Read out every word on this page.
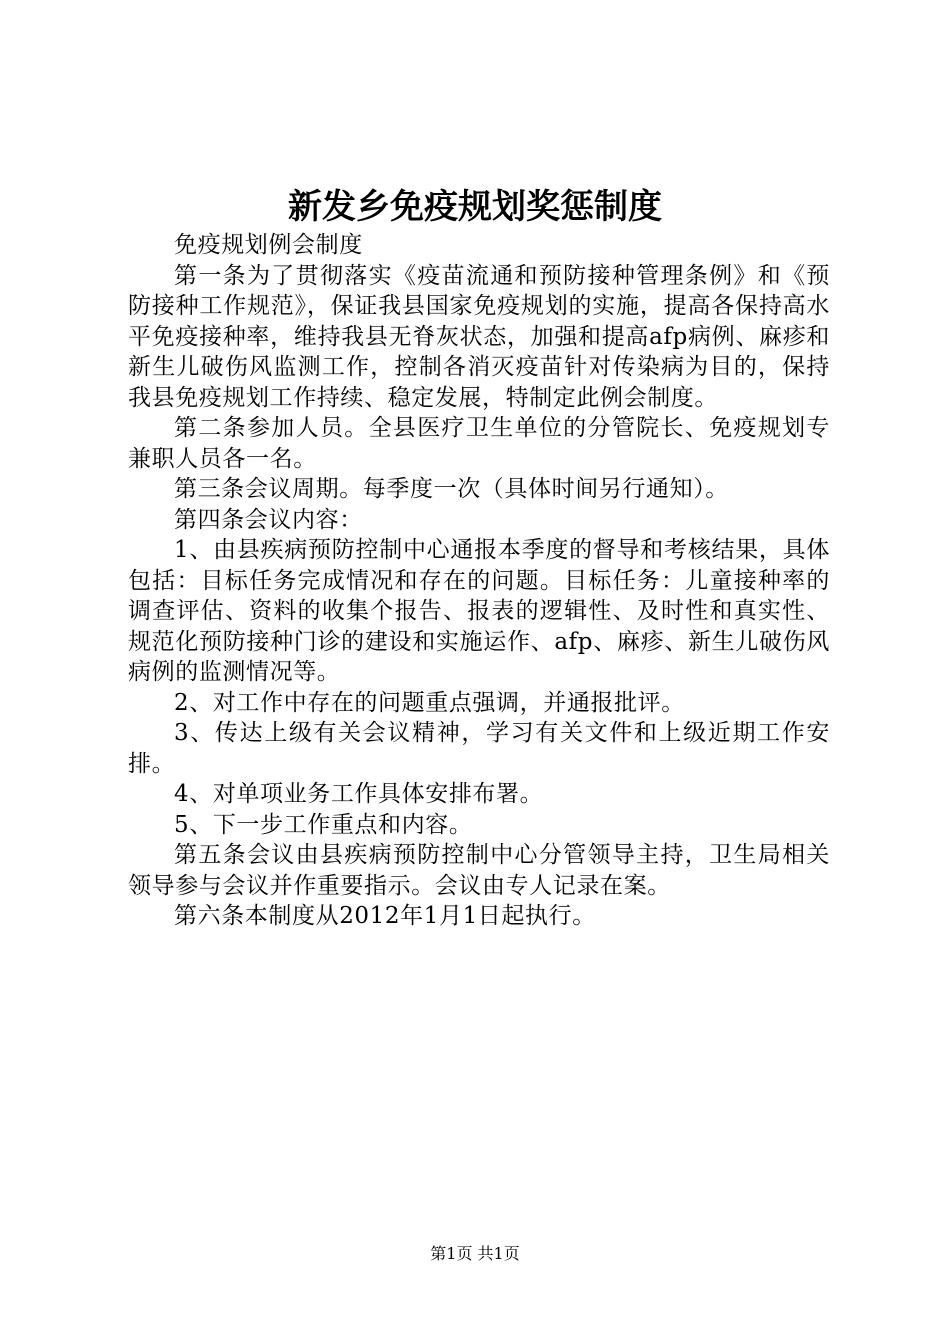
新发乡免疫规划奖惩制度

免疫规划例会制度

第一条为了贯彻落实《疫苗流通和预防接种管理条例》和《预防接种工作规范》，保证我县国家免疫规划的实施，提高各保持高水平免疫接种率，维持我县无脊灰状态，加强和提高afp病例、麻疹和新生儿破伤风监测工作，控制各消灭疫苗针对传染病为目的，保持我县免疫规划工作持续、稳定发展，特制定此例会制度。

第二条参加人员。全县医疗卫生单位的分管院长、免疫规划专兼职人员各一名。

第三条会议周期。每季度一次（具体时间另行通知）。

第四条会议内容：

1、由县疾病预防控制中心通报本季度的督导和考核结果，具体包括：目标任务完成情况和存在的问题。目标任务：儿童接种率的调查评估、资料的收集个报告、报表的逻辑性、及时性和真实性、规范化预防接种门诊的建设和实施运作、afp、麻疹、新生儿破伤风病例的监测情况等。

2、对工作中存在的问题重点强调，并通报批评。

3、传达上级有关会议精神，学习有关文件和上级近期工作安排。

4、对单项业务工作具体安排布署。

5、下一步工作重点和内容。

第五条会议由县疾病预防控制中心分管领导主持，卫生局相关领导参与会议并作重要指示。会议由专人记录在案。

第六条本制度从2012年1月1日起执行。

第1页 共1页
